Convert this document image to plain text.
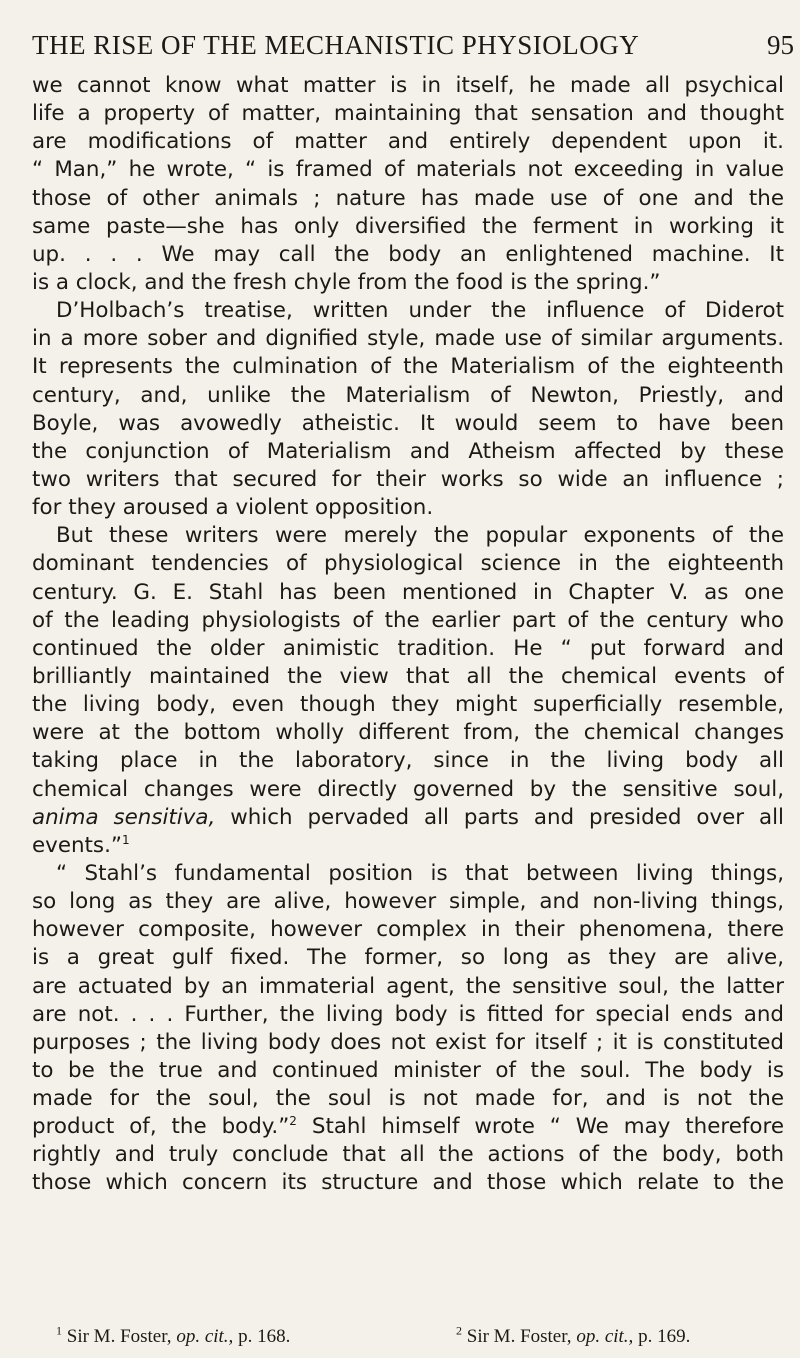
THE RISE OF THE MECHANISTIC PHYSIOLOGY	95
we cannot know what matter is in itself, he made all psychical
life a property of matter, maintaining that sensation and thought
are modifications of matter and entirely dependent upon it.
“ Man,” he wrote, “ is framed of materials not exceeding in value
those of other animals ; nature has made use of one and the
same paste—she has only diversified the ferment in working it
up. . . . We may call the body an enlightened machine. It
is a clock, and the fresh chyle from the food is the spring.”
D’Holbach’s treatise, written under the influence of Diderot
in a more sober and dignified style, made use of similar arguments.
It represents the culmination of the Materialism of the eighteenth
century, and, unlike the Materialism of Newton, Priestly, and
Boyle, was avowedly atheistic. It would seem to have been
the conjunction of Materialism and Atheism affected by these
two writers that secured for their works so wide an influence ;
for they aroused a violent opposition.
But these writers were merely the popular exponents of the
dominant tendencies of physiological science in the eighteenth
century. G. E. Stahl has been mentioned in Chapter V. as one
of the leading physiologists of the earlier part of the century who
continued the older animistic tradition. He “ put forward and
brilliantly maintained the view that all the chemical events of
the living body, even though they might superficially resemble,
were at the bottom wholly different from, the chemical changes
taking place in the laboratory, since in the living body all
chemical changes were directly governed by the sensitive soul,
anima sensitiva, which pervaded all parts and presided over all
events.”$^1$
“ Stahl’s fundamental position is that between living things,
so long as they are alive, however simple, and non-living things,
however composite, however complex in their phenomena, there
is a great gulf fixed. The former, so long as they are alive,
are actuated by an immaterial agent, the sensitive soul, the latter
are not. . . . Further, the living body is fitted for special ends and
purposes ; the living body does not exist for itself ; it is constituted
to be the true and continued minister of the soul. The body is
made for the soul, the soul is not made for, and is not the
product of, the body.”$^2$ Stahl himself wrote “ We may therefore
rightly and truly conclude that all the actions of the body, both
those which concern its structure and those which relate to the
$^1$ Sir M. Foster, op. cit., p. 168.	$^2$ Sir M. Foster, op. cit., p. 169.
